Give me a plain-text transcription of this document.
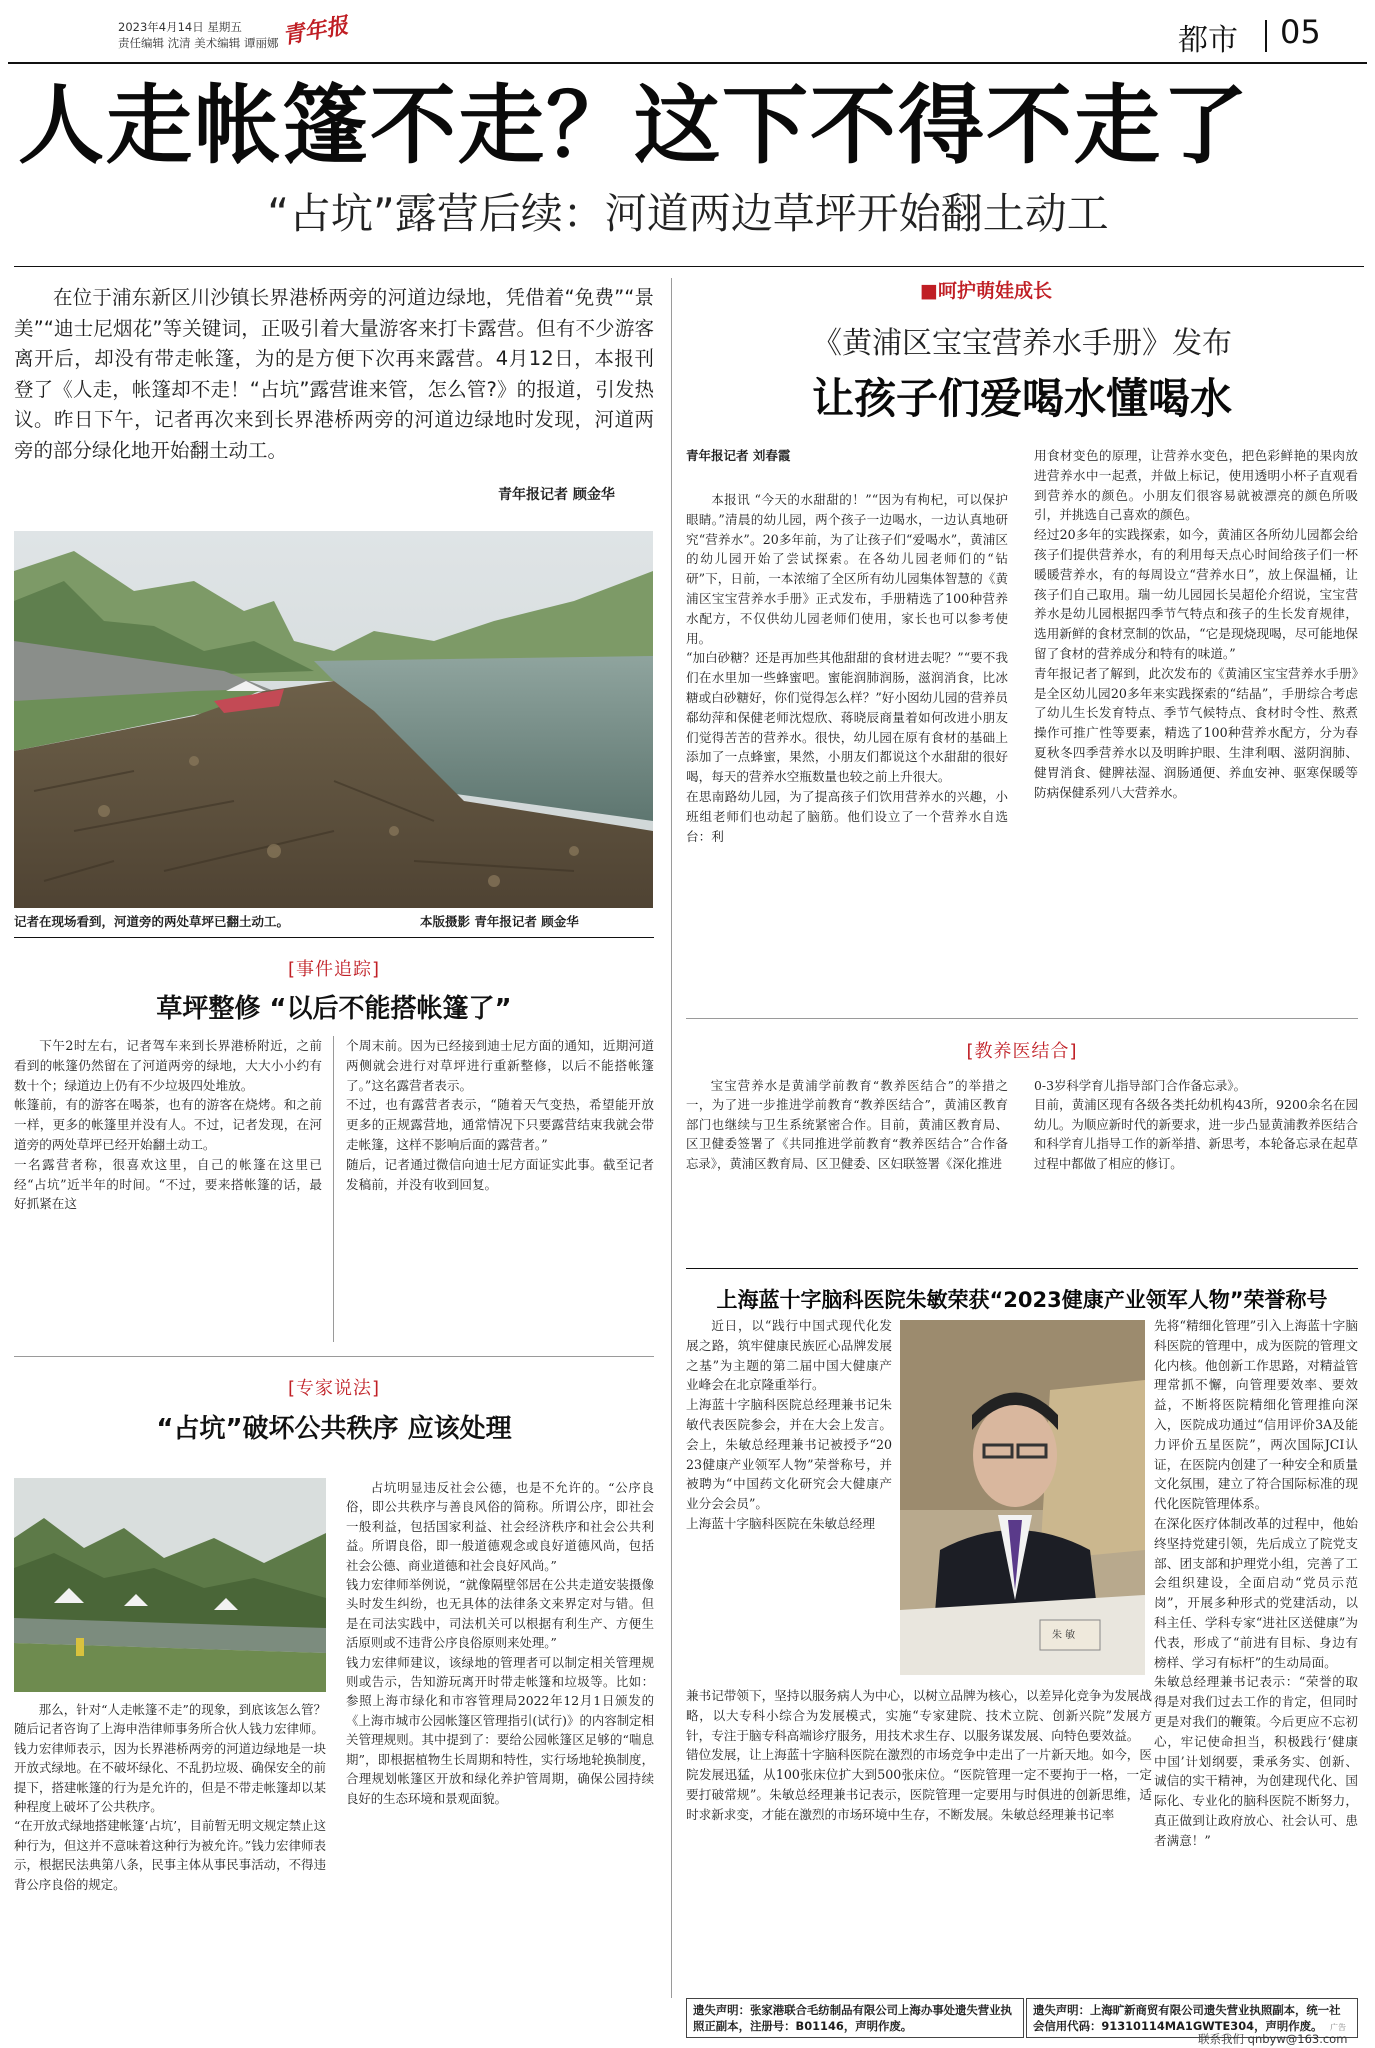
2023年4月14日 星期五
责任编辑 沈清 美术编辑 谭丽娜 青年报	都市 05
人走帐篷不走？这下不得不走了
“占坑”露营后续：河道两边草坪开始翻土动工
在位于浦东新区川沙镇长界港桥两旁的河道边绿地，凭借着“免费”“景美”“迪士尼烟花”等关键词，正吸引着大量游客来打卡露营。但有不少游客离开后，却没有带走帐篷，为的是方便下次再来露营。4月12日，本报刊登了《人走，帐篷却不走！“占坑”露营谁来管，怎么管?》的报道，引发热议。昨日下午，记者再次来到长界港桥两旁的河道边绿地时发现，河道两旁的部分绿化地开始翻土动工。
青年报记者 顾金华
记者在现场看到，河道旁的两处草坪已翻土动工。	本版摄影 青年报记者 顾金华
[事件追踪]
草坪整修 “以后不能搭帐篷了”
下午2时左右，记者驾车来到长界港桥附近，之前看到的帐篷仍然留在了河道两旁的绿地，大大小小约有数十个；绿道边上仍有不少垃圾四处堆放。
帐篷前，有的游客在喝茶，也有的游客在烧烤。和之前一样，更多的帐篷里并没有人。不过，记者发现，在河道旁的两处草坪已经开始翻土动工。
一名露营者称，很喜欢这里，自己的帐篷在这里已经“占坑”近半年的时间。“不过，要来搭帐篷的话，最好抓紧在这
个周末前。因为已经接到迪士尼方面的通知，近期河道两侧就会进行对草坪进行重新整修，以后不能搭帐篷了。”这名露营者表示。
不过，也有露营者表示，“随着天气变热，希望能开放更多的正规露营地，通常情况下只要露营结束我就会带走帐篷，这样不影响后面的露营者。”
随后，记者通过微信向迪士尼方面证实此事。截至记者发稿前，并没有收到回复。
[专家说法]
“占坑”破坏公共秩序 应该处理
那么，针对“人走帐篷不走”的现象，到底该怎么管？随后记者咨询了上海申浩律师事务所合伙人钱力宏律师。
钱力宏律师表示，因为长界港桥两旁的河道边绿地是一块开放式绿地。在不破坏绿化、不乱扔垃圾、确保安全的前提下，搭建帐篷的行为是允许的，但是不带走帐篷却以某种程度上破坏了公共秩序。
“在开放式绿地搭建帐篷‘占坑’，目前暂无明文规定禁止这种行为，但这并不意味着这种行为被允许。”钱力宏律师表示，根据民法典第八条，民事主体从事民事活动，不得违背公序良俗的规定。
占坑明显违反社会公德，也是不允许的。“公序良俗，即公共秩序与善良风俗的简称。所谓公序，即社会一般利益，包括国家利益、社会经济秩序和社会公共利益。所谓良俗，即一般道德观念或良好道德风尚，包括社会公德、商业道德和社会良好风尚。”
钱力宏律师举例说，“就像隔壁邻居在公共走道安装摄像头时发生纠纷，也无具体的法律条文来界定对与错。但是在司法实践中，司法机关可以根据有利生产、方便生活原则或不违背公序良俗原则来处理。”
钱力宏律师建议，该绿地的管理者可以制定相关管理规则或告示，告知游玩离开时带走帐篷和垃圾等。比如：参照上海市绿化和市容管理局2022年12月1日颁发的《上海市城市公园帐篷区管理指引(试行)》的内容制定相关管理规则。其中提到了：要给公园帐篷区足够的“喘息期”，即根据植物生长周期和特性，实行场地轮换制度，合理规划帐篷区开放和绿化养护管周期，确保公园持续良好的生态环境和景观面貌。
■呵护萌娃成长
《黄浦区宝宝营养水手册》发布
让孩子们爱喝水懂喝水
青年报记者 刘春霞
本报讯 “今天的水甜甜的！”“因为有枸杞，可以保护眼睛。”清晨的幼儿园，两个孩子一边喝水，一边认真地研究“营养水”。20多年前，为了让孩子们“爱喝水”，黄浦区的幼儿园开始了尝试探索。在各幼儿园老师们的“钻研”下，日前，一本浓缩了全区所有幼儿园集体智慧的《黄浦区宝宝营养水手册》正式发布，手册精选了100种营养水配方，不仅供幼儿园老师们使用，家长也可以参考使用。
“加白砂糖？还是再加些其他甜甜的食材进去呢？”“要不我们在水里加一些蜂蜜吧。蜜能润肺润肠，滋润消食，比冰糖或白砂糖好，你们觉得怎么样？”好小囡幼儿园的营养员郗幼萍和保健老师沈煜欣、蒋晓辰商量着如何改进小朋友们觉得苦苦的营养水。很快，幼儿园在原有食材的基础上添加了一点蜂蜜，果然，小朋友们都说这个水甜甜的很好喝，每天的营养水空瓶数量也较之前上升很大。
在思南路幼儿园，为了提高孩子们饮用营养水的兴趣，小班组老师们也动起了脑筋。他们设立了一个营养水自选台：利
用食材变色的原理，让营养水变色，把色彩鲜艳的果肉放进营养水中一起煮，并做上标记，使用透明小杯子直观看到营养水的颜色。小朋友们很容易就被漂亮的颜色所吸引，并挑选自己喜欢的颜色。
经过20多年的实践探索，如今，黄浦区各所幼儿园都会给孩子们提供营养水，有的利用每天点心时间给孩子们一杯暖暖营养水，有的每周设立“营养水日”，放上保温桶，让孩子们自己取用。瑞一幼儿园园长吴超伦介绍说，宝宝营养水是幼儿园根据四季节气特点和孩子的生长发育规律，选用新鲜的食材烹制的饮品，“它是现烧现喝，尽可能地保留了食材的营养成分和特有的味道。”
青年报记者了解到，此次发布的《黄浦区宝宝营养水手册》是全区幼儿园20多年来实践探索的“结晶”，手册综合考虑了幼儿生长发育特点、季节气候特点、食材时令性、熬煮操作可推广性等要素，精选了100种营养水配方，分为春夏秋冬四季营养水以及明眸护眼、生津利咽、滋阴润肺、健胃消食、健脾祛湿、润肠通便、养血安神、驱寒保暖等防病保健系列八大营养水。
[教养医结合]
宝宝营养水是黄浦学前教育“教养医结合”的举措之一，为了进一步推进学前教育“教养医结合”，黄浦区教育部门也继续与卫生系统紧密合作。目前，黄浦区教育局、区卫健委签署了《共同推进学前教育“教养医结合”合作备忘录》，黄浦区教育局、区卫健委、区妇联签署《深化推进
0-3岁科学育儿指导部门合作备忘录》。
目前，黄浦区现有各级各类托幼机构43所，9200余名在园幼儿。为顺应新时代的新要求，进一步凸显黄浦教养医结合和科学育儿指导工作的新举措、新思考，本轮备忘录在起草过程中都做了相应的修订。
上海蓝十字脑科医院朱敏荣获“2023健康产业领军人物”荣誉称号
近日，以“践行中国式现代化发展之路，筑牢健康民族匠心品牌发展之基”为主题的第二届中国大健康产业峰会在北京隆重举行。
上海蓝十字脑科医院总经理兼书记朱敏代表医院参会，并在大会上发言。会上，朱敏总经理兼书记被授予“2023健康产业领军人物”荣誉称号，并被聘为“中国药文化研究会大健康产业分会会员”。
上海蓝十字脑科医院在朱敏总经理
朱 敏
兼书记带领下，坚持以服务病人为中心，以树立品牌为核心，以差异化竞争为发展战略，以大专科小综合为发展模式，实施“专家建院、技术立院、创新兴院”发展方针，专注于脑专科高端诊疗服务，用技术求生存、以服务谋发展、向特色要效益。
错位发展，让上海蓝十字脑科医院在激烈的市场竞争中走出了一片新天地。如今，医院发展迅猛，从100张床位扩大到500张床位。“医院管理一定不要拘于一格，一定要打破常规”。朱敏总经理兼书记表示，医院管理一定要用与时俱进的创新思维，适时求新求变，才能在激烈的市场环境中生存，不断发展。朱敏总经理兼书记率
先将“精细化管理”引入上海蓝十字脑科医院的管理中，成为医院的管理文化内核。他创新工作思路，对精益管理常抓不懈，向管理要效率、要效益，不断将医院精细化管理推向深入，医院成功通过“信用评价3A及能力评价五星医院”，两次国际JCI认证，在医院内创建了一种安全和质量文化氛围，建立了符合国际标准的现代化医院管理体系。
在深化医疗体制改革的过程中，他始终坚持党建引领，先后成立了院党支部、团支部和护理党小组，完善了工会组织建设，全面启动“党员示范岗”，开展多种形式的党建活动，以科主任、学科专家“进社区送健康”为代表，形成了“前进有目标、身边有榜样、学习有标杆”的生动局面。
朱敏总经理兼书记表示：“荣誉的取得是对我们过去工作的肯定，但同时更是对我们的鞭策。今后更应不忘初心，牢记使命担当，积极践行‘健康中国’计划纲要，秉承务实、创新、诚信的实干精神，为创建现代化、国际化、专业化的脑科医院不断努力，真正做到让政府放心、社会认可、患者满意！”
遗失声明：张家港联合毛纺制品有限公司上海办事处遗失营业执照正副本，注册号：B01146，声明作废。
遗失声明：上海旷新商贸有限公司遗失营业执照副本，统一社会信用代码：91310114MA1GWTE304，声明作废。 广告
联系我们 qnbyw@163.com
